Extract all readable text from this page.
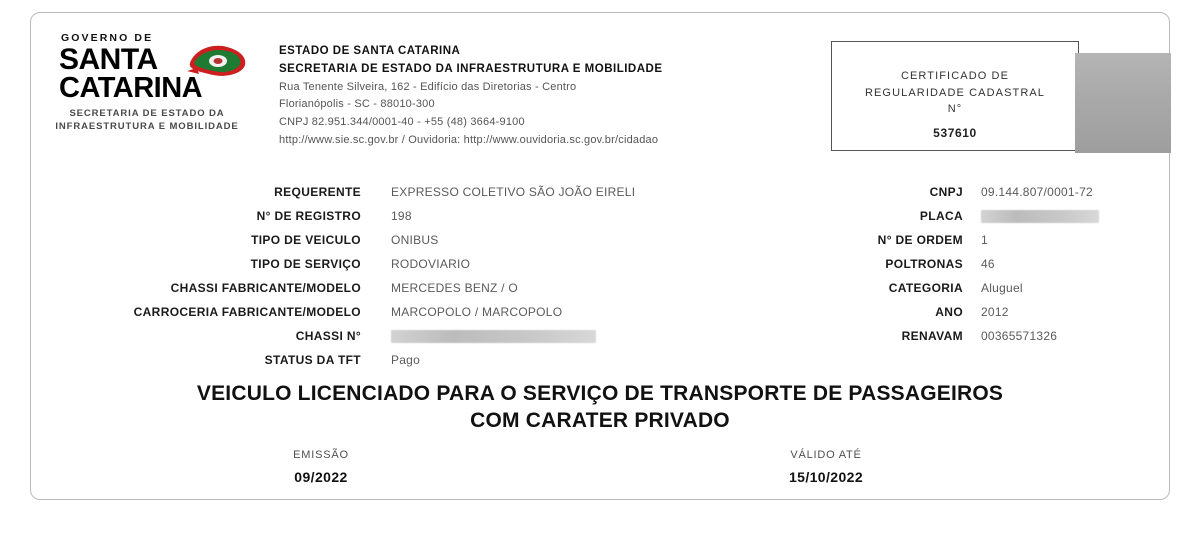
GOVERNO DE
SANTA
CATARINA
SECRETARIA DE ESTADO DA INFRAESTRUTURA E MOBILIDADE
ESTADO DE SANTA CATARINA
SECRETARIA DE ESTADO DA INFRAESTRUTURA E MOBILIDADE
Rua Tenente Silveira, 162 - Edifício das Diretorias - Centro
Florianópolis - SC - 88010-300
CNPJ 82.951.344/0001-40 - +55 (48) 3664-9100
http://www.sie.sc.gov.br / Ouvidoria: http://www.ouvidoria.sc.gov.br/cidadao
CERTIFICADO DE
REGULARIDADE CADASTRAL
N°
537610
REQUERENTE	EXPRESSO COLETIVO SÃO JOÃO EIRELI
N° DE REGISTRO	198
TIPO DE VEICULO	ONIBUS
TIPO DE SERVIÇO	RODOVIARIO
CHASSI FABRICANTE/MODELO	MERCEDES BENZ / O
CARROCERIA FABRICANTE/MODELO	MARCOPOLO / MARCOPOLO
CHASSI N°
STATUS DA TFT	Pago
CNPJ	09.144.807/0001-72
PLACA
N° DE ORDEM	1
POLTRONAS	46
CATEGORIA	Aluguel
ANO	2012
RENAVAM	00365571326
VEICULO LICENCIADO PARA O SERVIÇO DE TRANSPORTE DE PASSAGEIROS
COM CARATER PRIVADO
EMISSÃO
09/2022
VÁLIDO ATÉ
15/10/2022
